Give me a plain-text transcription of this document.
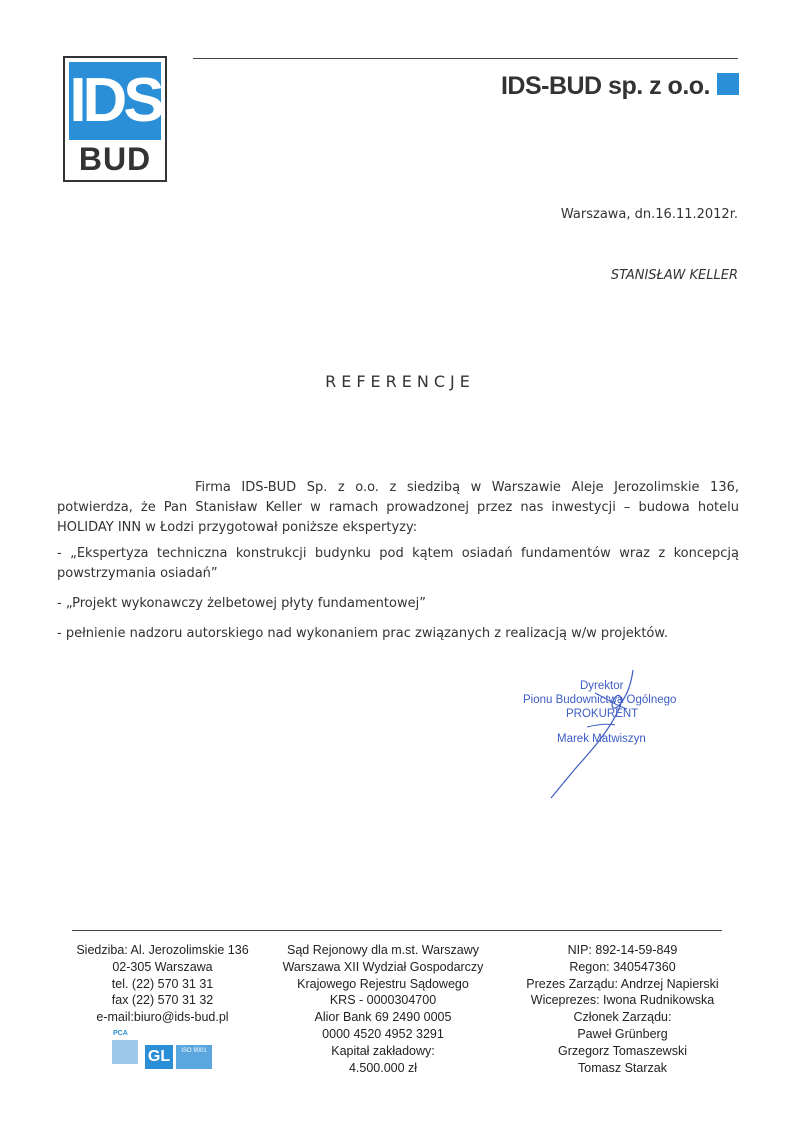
IDS
BUD
IDS-BUD sp. z o.o.
Warszawa, dn.16.11.2012r.
STANISŁAW KELLER
REFERENCJE
Firma IDS-BUD Sp. z o.o. z siedzibą w Warszawie Aleje Jerozolimskie 136, potwierdza, że Pan Stanisław Keller w ramach prowadzonej przez nas inwestycji – budowa hotelu HOLIDAY INN w Łodzi przygotował poniższe ekspertyzy:
- „Ekspertyza techniczna konstrukcji budynku pod kątem osiadań fundamentów wraz z koncepcją powstrzymania osiadań”
- „Projekt wykonawczy żelbetowej płyty fundamentowej”
- pełnienie nadzoru autorskiego nad wykonaniem prac związanych z realizacją w/w projektów.
Dyrektor
Pionu Budownictwa Ogólnego
PROKURENT
Marek Matwiszyn
Siedziba: Al. Jerozolimskie 136
02-305 Warszawa
tel. (22) 570 31 31
fax (22) 570 31 32
e-mail:biuro@ids-bud.pl
Sąd Rejonowy dla m.st. Warszawy
Warszawa XII Wydział Gospodarczy
Krajowego Rejestru Sądowego
KRS - 0000304700
Alior Bank 69 2490 0005
0000 4520 4952 3291
Kapitał zakładowy:
4.500.000 zł
NIP: 892-14-59-849
Regon: 340547360
Prezes Zarządu: Andrzej Napierski
Wiceprezes: Iwona Rudnikowska
Członek Zarządu:
Paweł Grünberg
Grzegorz Tomaszewski
Tomasz Starzak
PCA
GL	ISO 9001
